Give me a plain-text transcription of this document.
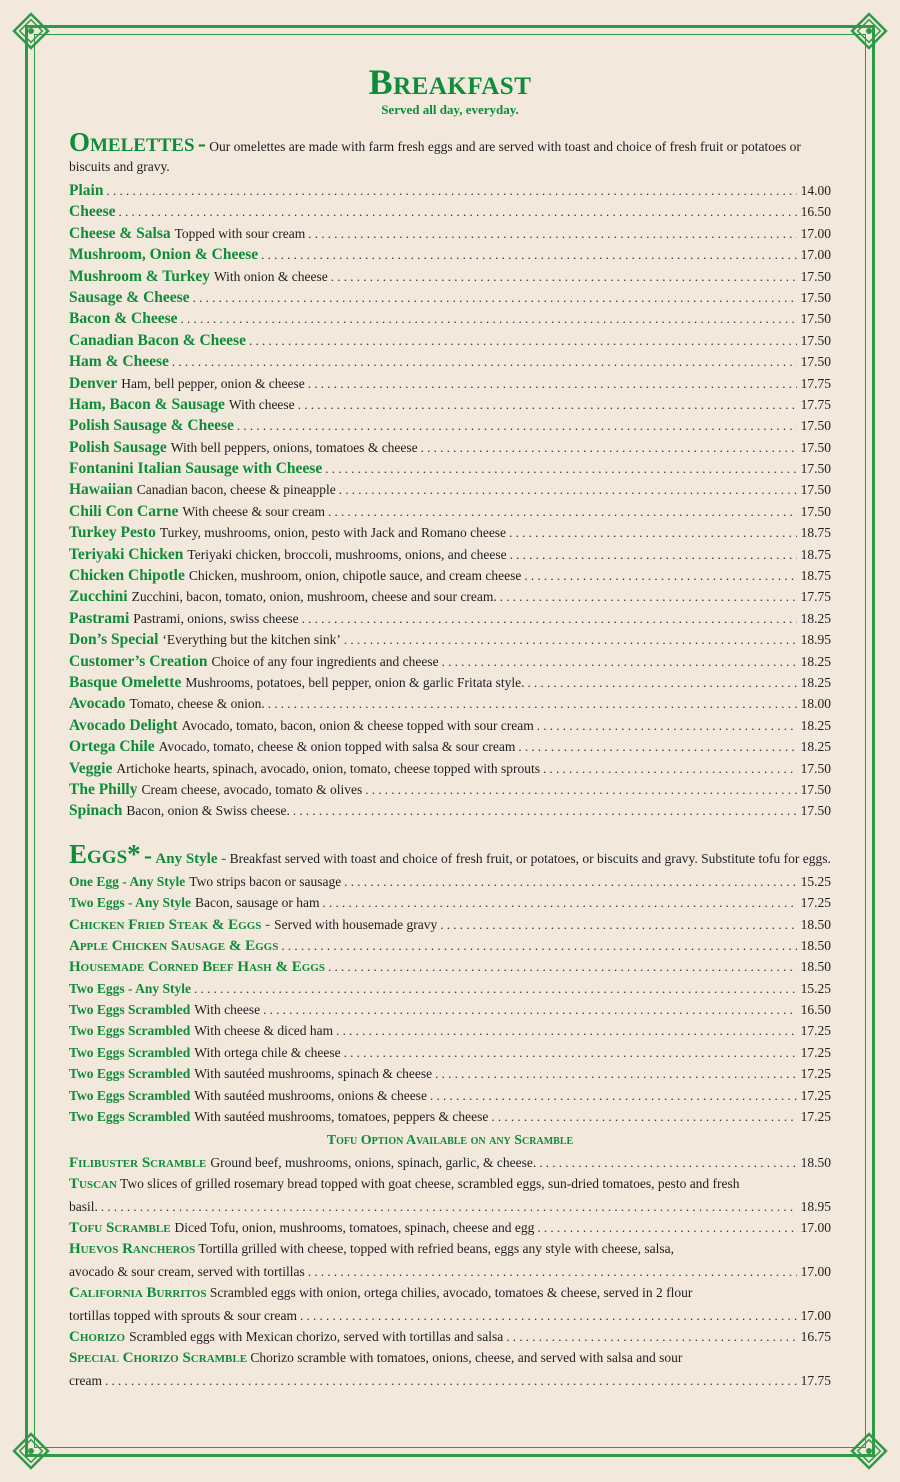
Breakfast
Served all day, everyday.
Omelettes - Our omelettes are made with farm fresh eggs and are served with toast and choice of fresh fruit or potatoes or biscuits and gravy.
Plain . . .	14.00
Cheese . . .	16.50
Cheese & Salsa Topped with sour cream . . .	17.00
Mushroom, Onion & Cheese . . .	17.00
Mushroom & Turkey With onion & cheese . . .	17.50
Sausage & Cheese . . .	17.50
Bacon & Cheese . . .	17.50
Canadian Bacon & Cheese . . .	17.50
Ham & Cheese . . .	17.50
Denver Ham, bell pepper, onion & cheese . . .	17.75
Ham, Bacon & Sausage With cheese . . .	17.75
Polish Sausage & Cheese . . .	17.50
Polish Sausage With bell peppers, onions, tomatoes & cheese . . .	17.50
Fontanini Italian Sausage with Cheese . . .	17.50
Hawaiian Canadian bacon, cheese & pineapple . . .	17.50
Chili Con Carne With cheese & sour cream . . .	17.50
Turkey Pesto Turkey, mushrooms, onion, pesto with Jack and Romano cheese . . .	18.75
Teriyaki Chicken Teriyaki chicken, broccoli, mushrooms, onions, and cheese . . .	18.75
Chicken Chipotle Chicken, mushroom, onion, chipotle sauce, and cream cheese . . .	18.75
Zucchini Zucchini, bacon, tomato, onion, mushroom, cheese and sour cream. . . .	17.75
Pastrami Pastrami, onions, swiss cheese . . .	18.25
Don’s Special ‘Everything but the kitchen sink’ . . .	18.95
Customer’s Creation Choice of any four ingredients and cheese . . .	18.25
Basque Omelette Mushrooms, potatoes, bell pepper, onion & garlic Fritata style. . . .	18.25
Avocado Tomato, cheese & onion. . . .	18.00
Avocado Delight Avocado, tomato, bacon, onion & cheese topped with sour cream . . .	18.25
Ortega Chile Avocado, tomato, cheese & onion topped with salsa & sour cream . . .	18.25
Veggie Artichoke hearts, spinach, avocado, onion, tomato, cheese topped with sprouts . . .	17.50
The Philly Cream cheese, avocado, tomato & olives . . .	17.50
Spinach Bacon, onion & Swiss cheese. . . .	17.50
Eggs* - Any Style - Breakfast served with toast and choice of fresh fruit, or potatoes, or biscuits and gravy. Substitute tofu for eggs.
One Egg - Any Style Two strips bacon or sausage . . .	15.25
Two Eggs - Any Style Bacon, sausage or ham . . .	17.25
Chicken Fried Steak & Eggs - Served with housemade gravy . . .	18.50
Apple Chicken Sausage & Eggs . . .	18.50
Housemade Corned Beef Hash & Eggs . . .	18.50
Two Eggs - Any Style . . .	15.25
Two Eggs Scrambled With cheese . . .	16.50
Two Eggs Scrambled With cheese & diced ham . . .	17.25
Two Eggs Scrambled With ortega chile & cheese . . .	17.25
Two Eggs Scrambled With sautéed mushrooms, spinach & cheese . . .	17.25
Two Eggs Scrambled With sautéed mushrooms, onions & cheese . . .	17.25
Two Eggs Scrambled With sautéed mushrooms, tomatoes, peppers & cheese . . .	17.25
Tofu Option Available on any Scramble
Filibuster Scramble Ground beef, mushrooms, onions, spinach, garlic, & cheese. . . .	18.50
Tuscan Two slices of grilled rosemary bread topped with goat cheese, scrambled eggs, sun-dried tomatoes, pesto and fresh
basil. . . .	18.95
Tofu Scramble Diced Tofu, onion, mushrooms, tomatoes, spinach, cheese and egg . . .	17.00
Huevos Rancheros Tortilla grilled with cheese, topped with refried beans, eggs any style with cheese, salsa,
avocado & sour cream, served with tortillas . . .	17.00
California Burritos Scrambled eggs with onion, ortega chilies, avocado, tomatoes & cheese, served in 2 flour
tortillas topped with sprouts & sour cream . . .	17.00
Chorizo Scrambled eggs with Mexican chorizo, served with tortillas and salsa . . .	16.75
Special Chorizo Scramble Chorizo scramble with tomatoes, onions, cheese, and served with salsa and sour
cream . . .	17.75
